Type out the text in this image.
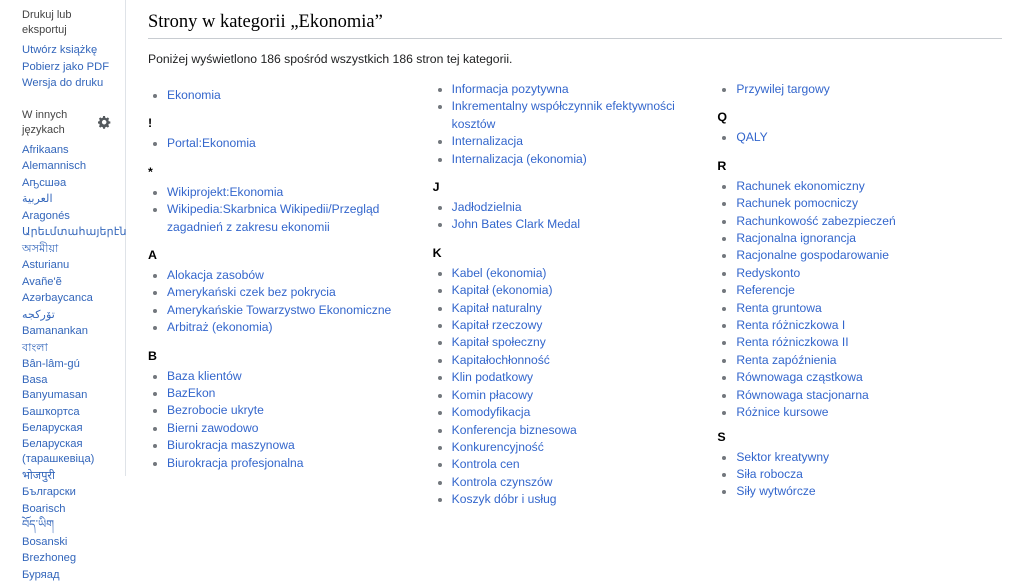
Drukuj lub eksportuj
Utwórz książkę
Pobierz jako PDF
Wersja do druku
W innych językach
Afrikaans
Alemannisch
Аҧсшәа
العربية
Aragonés
Արեւմտահայերէն
অসমীয়া
Asturianu
Avañe'ẽ
Azərbaycanca
تۆرکجه
Bamanankan
বাংলা
Bân-lâm-gú
Basa Banyumasan
Башҡортса
Беларуская
Беларуская (тарашкевіца)
भोजपुरी
Български
Boarisch
བོད་ཡིག
Bosanski
Brezhoneg
Буряад
Strony w kategorii „Ekonomia”

Poniżej wyświetlono 186 spośród wszystkich 186 stron tej kategorii.

• Ekonomia
!
• Portal:Ekonomia
*
• Wikiprojekt:Ekonomia
• Wikipedia:Skarbnica Wikipedii/Przegląd zagadnień z zakresu ekonomii
A
• Alokacja zasobów
• Amerykański czek bez pokrycia
• Amerykańskie Towarzystwo Ekonomiczne
• Arbitraż (ekonomia)
B
• Baza klientów
• BazEkon
• Bezrobocie ukryte
• Bierni zawodowo
• Biurokracja maszynowa
• Biurokracja profesjonalna
• Informacja pozytywna
• Inkrementalny współczynnik efektywności kosztów
• Internalizacja
• Internalizacja (ekonomia)
J
• Jadłodzielnia
• John Bates Clark Medal
K
• Kabel (ekonomia)
• Kapitał (ekonomia)
• Kapitał naturalny
• Kapitał rzeczowy
• Kapitał społeczny
• Kapitałochłonność
• Klin podatkowy
• Komin płacowy
• Komodyfikacja
• Konferencja biznesowa
• Konkurencyjność
• Kontrola cen
• Kontrola czynszów
• Koszyk dóbr i usług
• Przywilej targowy
Q
• QALY
R
• Rachunek ekonomiczny
• Rachunek pomocniczy
• Rachunkowość zabezpieczeń
• Racjonalna ignorancja
• Racjonalne gospodarowanie
• Redyskonto
• Referencje
• Renta gruntowa
• Renta różniczkowa I
• Renta różniczkowa II
• Renta zapóźnienia
• Równowaga cząstkowa
• Równowaga stacjonarna
• Różnice kursowe
S
• Sektor kreatywny
• Siła robocza
• Siły wytwórcze
